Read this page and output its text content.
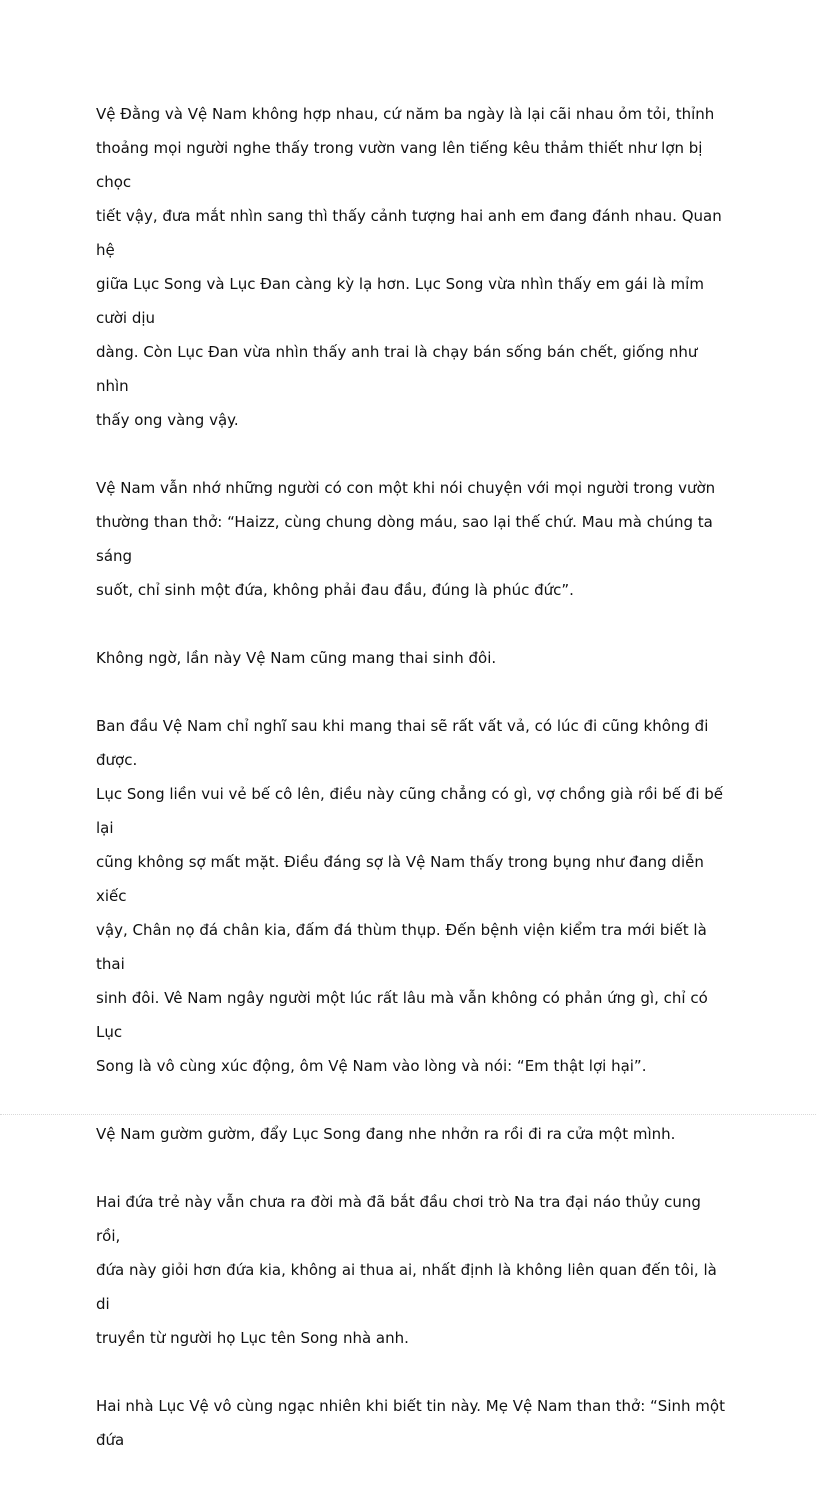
Vệ Đằng và Vệ Nam không hợp nhau, cứ năm ba ngày là lại cãi nhau ỏm tỏi, thỉnh
thoảng mọi người nghe thấy trong vườn vang lên tiếng kêu thảm thiết như lợn bị chọc
tiết vậy, đưa mắt nhìn sang thì thấy cảnh tượng hai anh em đang đánh nhau. Quan hệ
giữa Lục Song và Lục Đan càng kỳ lạ hơn. Lục Song vừa nhìn thấy em gái là mỉm cười dịu
dàng. Còn Lục Đan vừa nhìn thấy anh trai là chạy bán sống bán chết, giống như nhìn
thấy ong vàng vậy.

Vệ Nam vẫn nhớ những người có con một khi nói chuyện với mọi người trong vườn
thường than thở: “Haizz, cùng chung dòng máu, sao lại thế chứ. Mau mà chúng ta sáng
suốt, chỉ sinh một đứa, không phải đau đầu, đúng là phúc đức”.

Không ngờ, lần này Vệ Nam cũng mang thai sinh đôi.

Ban đầu Vệ Nam chỉ nghĩ sau khi mang thai sẽ rất vất vả, có lúc đi cũng không đi được.
Lục Song liền vui vẻ bế cô lên, điều này cũng chẳng có gì, vợ chồng già rồi bế đi bế lại
cũng không sợ mất mặt. Điều đáng sợ là Vệ Nam thấy trong bụng như đang diễn xiếc
vậy, Chân nọ đá chân kia, đấm đá thùm thụp. Đến bệnh viện kiểm tra mới biết là thai
sinh đôi. Vê Nam ngây người một lúc rất lâu mà vẫn không có phản ứng gì, chỉ có Lục
Song là vô cùng xúc động, ôm Vệ Nam vào lòng và nói: “Em thật lợi hại”.

Vệ Nam gườm gườm, đẩy Lục Song đang nhe nhởn ra rồi đi ra cửa một mình.

Hai đứa trẻ này vẫn chưa ra đời mà đã bắt đầu chơi trò Na tra đại náo thủy cung rồi,
đứa này giỏi hơn đứa kia, không ai thua ai, nhất định là không liên quan đến tôi, là di
truyền từ người họ Lục tên Song nhà anh.

Hai nhà Lục Vệ vô cùng ngạc nhiên khi biết tin này. Mẹ Vệ Nam than thở: “Sinh một đứa
